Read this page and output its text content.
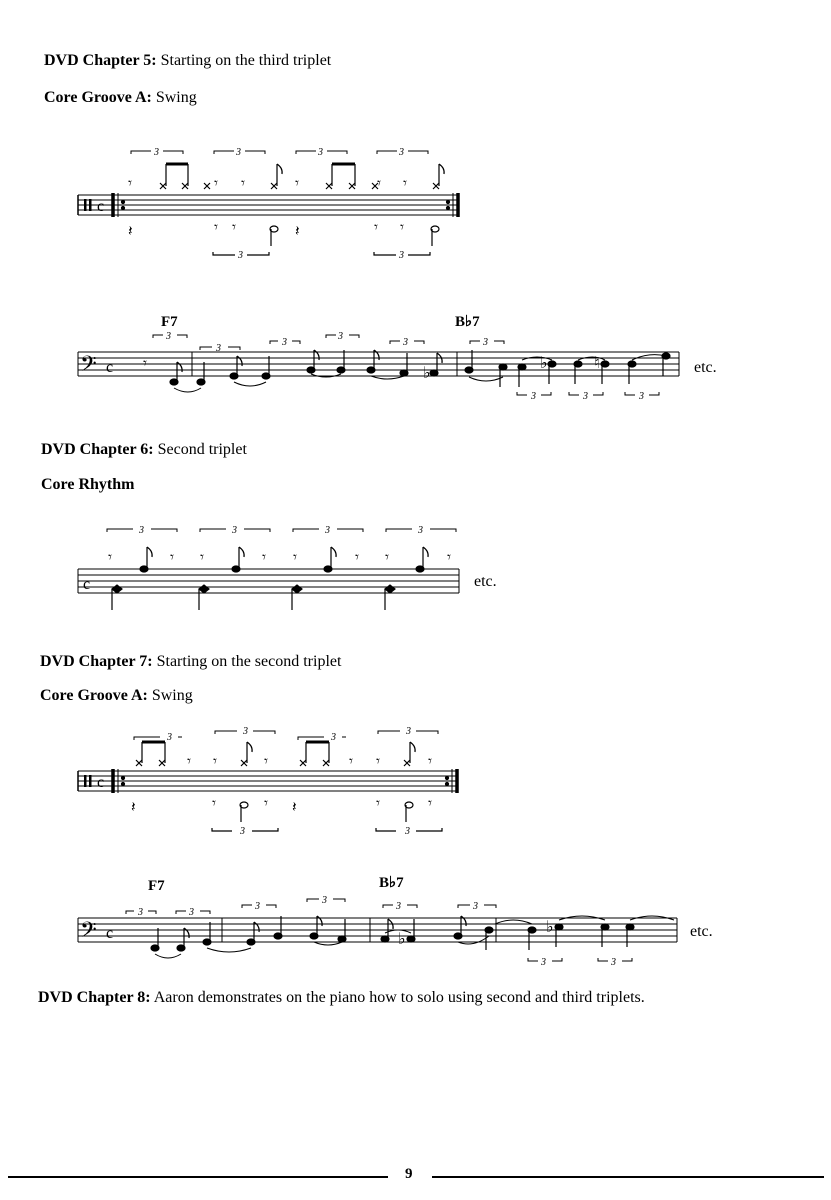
DVD Chapter 5: Starting on the third triplet
Core Groove A: Swing
DVD Chapter 6: Second triplet
Core Rhythm
DVD Chapter 7: Starting on the second triplet
Core Groove A: Swing
DVD Chapter 8: Aaron demonstrates on the piano how to solo using second and third triplets.
c
𝄾	𝄾 𝄾	𝄾	𝄾 𝄾
3	3	3	3
𝄽	𝄾 𝄾	𝄽	𝄾 𝄾
3	3
𝄢 c
F7	B♭7
etc.
3
3
3
3
3	3
3	3	3
𝄾
♭
♭	♮
c	etc.
𝄾	𝄾 𝄾	𝄾 𝄾	𝄾 𝄾	𝄾
3	3	3	3
c
𝄾 𝄾	𝄾	𝄾 𝄾	𝄾
3
3
3
3
𝄽	𝄾	𝄾 𝄽	𝄾	𝄾
3	3
𝄢 c
F7	B♭7
etc.
3	3
3
3
3	3
3	3
♭
♭
9
